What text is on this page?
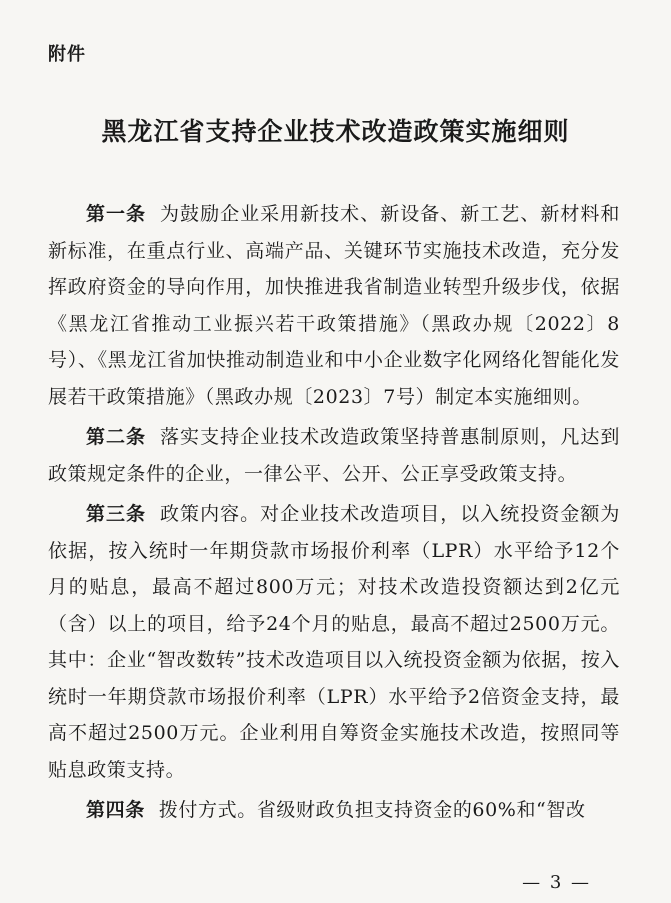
附件
黑龙江省支持企业技术改造政策实施细则

第一条 为鼓励企业采用新技术、新设备、新工艺、新材料和新标准，在重点行业、高端产品、关键环节实施技术改造，充分发挥政府资金的导向作用，加快推进我省制造业转型升级步伐，依据《黑龙江省推动工业振兴若干政策措施》（黑政办规〔2022〕8号）、《黑龙江省加快推动制造业和中小企业数字化网络化智能化发展若干政策措施》（黑政办规〔2023〕7号）制定本实施细则。

第二条 落实支持企业技术改造政策坚持普惠制原则，凡达到政策规定条件的企业，一律公平、公开、公正享受政策支持。

第三条 政策内容。对企业技术改造项目，以入统投资金额为依据，按入统时一年期贷款市场报价利率（LPR）水平给予12个月的贴息，最高不超过800万元；对技术改造投资额达到2亿元（含）以上的项目，给予24个月的贴息，最高不超过2500万元。其中：企业“智改数转”技术改造项目以入统投资金额为依据，按入统时一年期贷款市场报价利率（LPR）水平给予2倍资金支持，最高不超过2500万元。企业利用自筹资金实施技术改造，按照同等贴息政策支持。

第四条 拨付方式。省级财政负担支持资金的60%和“智改

— 3 —
